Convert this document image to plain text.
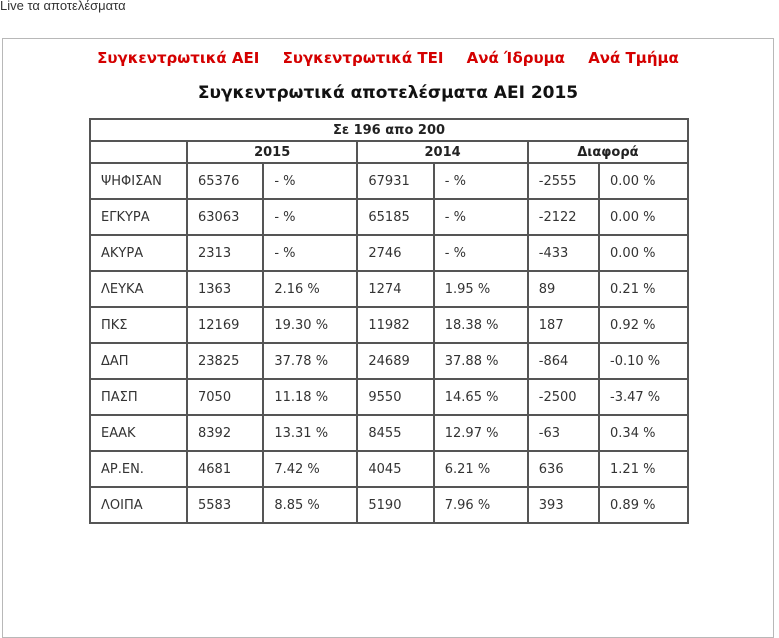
Live τα αποτελέσματα
Συγκεντρωτικά ΑΕΙ Συγκεντρωτικά ΤΕΙ Ανά Ίδρυμα Ανά Τμήμα
Συγκεντρωτικά αποτελέσματα ΑΕΙ 2015
Σε 196 απο 200						
	2015		2014		Διαφορά	
ΨΗΦΙΣΑΝ	65376	- %	67931	- %	-2555	0.00 %
ΕΓΚΥΡΑ	63063	- %	65185	- %	-2122	0.00 %
ΑΚΥΡΑ	2313	- %	2746	- %	-433	0.00 %
ΛΕΥΚΑ	1363	2.16 %	1274	1.95 %	89	0.21 %
ΠΚΣ	12169	19.30 %	11982	18.38 %	187	0.92 %
ΔΑΠ	23825	37.78 %	24689	37.88 %	-864	-0.10 %
ΠΑΣΠ	7050	11.18 %	9550	14.65 %	-2500	-3.47 %
ΕΑΑΚ	8392	13.31 %	8455	12.97 %	-63	0.34 %
ΑΡ.ΕΝ.	4681	7.42 %	4045	6.21 %	636	1.21 %
ΛΟΙΠΑ	5583	8.85 %	5190	7.96 %	393	0.89 %
